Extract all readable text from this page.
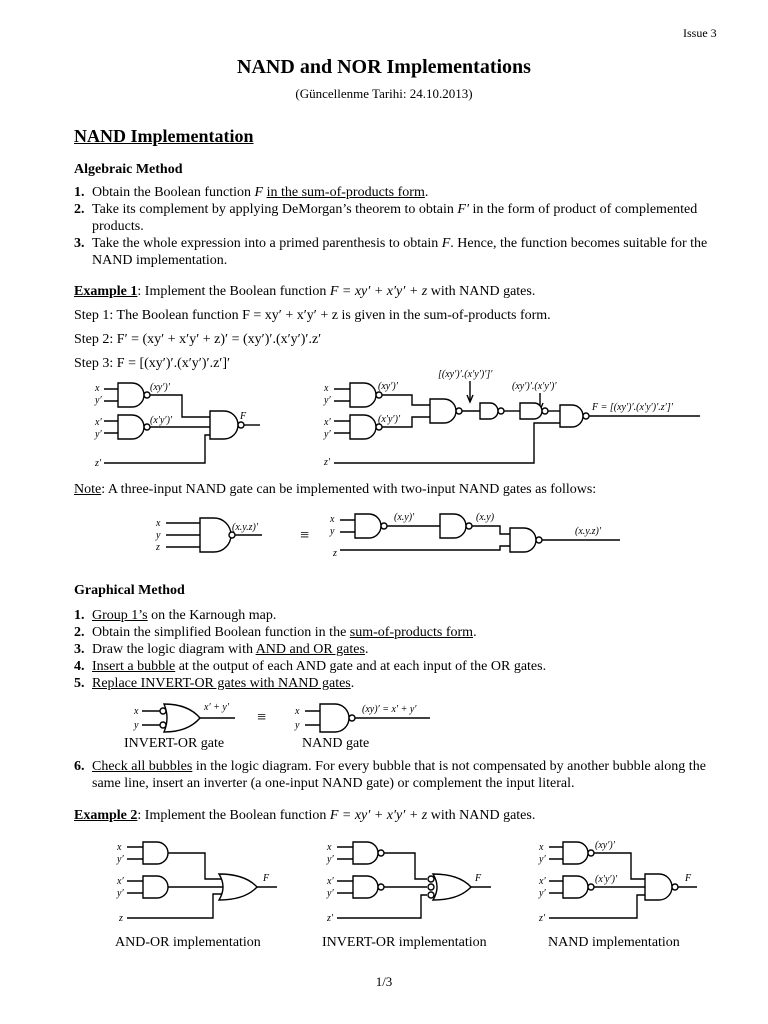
Issue 3
NAND and NOR Implementations
(Güncellenme Tarihi: 24.10.2013)
NAND Implementation
Algebraic Method
1. Obtain the Boolean function F in the sum-of-products form.
2. Take its complement by applying DeMorgan’s theorem to obtain F′ in the form of product of complemented products.
3. Take the whole expression into a primed parenthesis to obtain F. Hence, the function becomes suitable for the NAND implementation.
Example 1: Implement the Boolean function F = xy′ + x′y′ + z with NAND gates.
Step 1: The Boolean function F = xy′ + x′y′ + z is given in the sum-of-products form.
Step 2: F′ = (xy′ + x′y′ + z)′ = (xy′)′.(x′y′)′.z′
Step 3: F = [(xy′)′.(x′y′)′.z′]′
x
y′
x′
y′
z′
(xy′)′
(x′y′)′	F
[(xy′)′.(x′y′)′]′
(xy′)′.(x′y′)′
x
y′
x′
y′
z′
(xy′)′
(x′y′)′
F = [(xy′)′.(x′y′)′.z′]′
Note: A three-input NAND gate can be implemented with two-input NAND gates as follows:
x
y
z
(x.y.z)′	≡
x
y
z
(x.y)′	(x.y)
(x.y.z)′
Graphical Method
1. Group 1’s on the Karnough map.
2. Obtain the simplified Boolean function in the sum-of-products form.
3. Draw the logic diagram with AND and OR gates.
4. Insert a bubble at the output of each AND gate and at each input of the OR gates.
5. Replace INVERT-OR gates with NAND gates.
x
y
x′ + y′
≡	x
y
(xy)′ = x′ + y′
INVERT-OR gate	NAND gate
6. Check all bubbles in the logic diagram. For every bubble that is not compensated by another bubble along the same line, insert an inverter (a one-input NAND gate) or complement the input literal.
Example 2: Implement the Boolean function F = xy′ + x′y′ + z with NAND gates.
x
y′
x′
y′
z
F
x
y′
x′
y′
z′
F
x
y′
x′
y′
z′
(xy′)′
(x′y′)′	F
AND-OR implementation	INVERT-OR implementation	NAND implementation
1/3
